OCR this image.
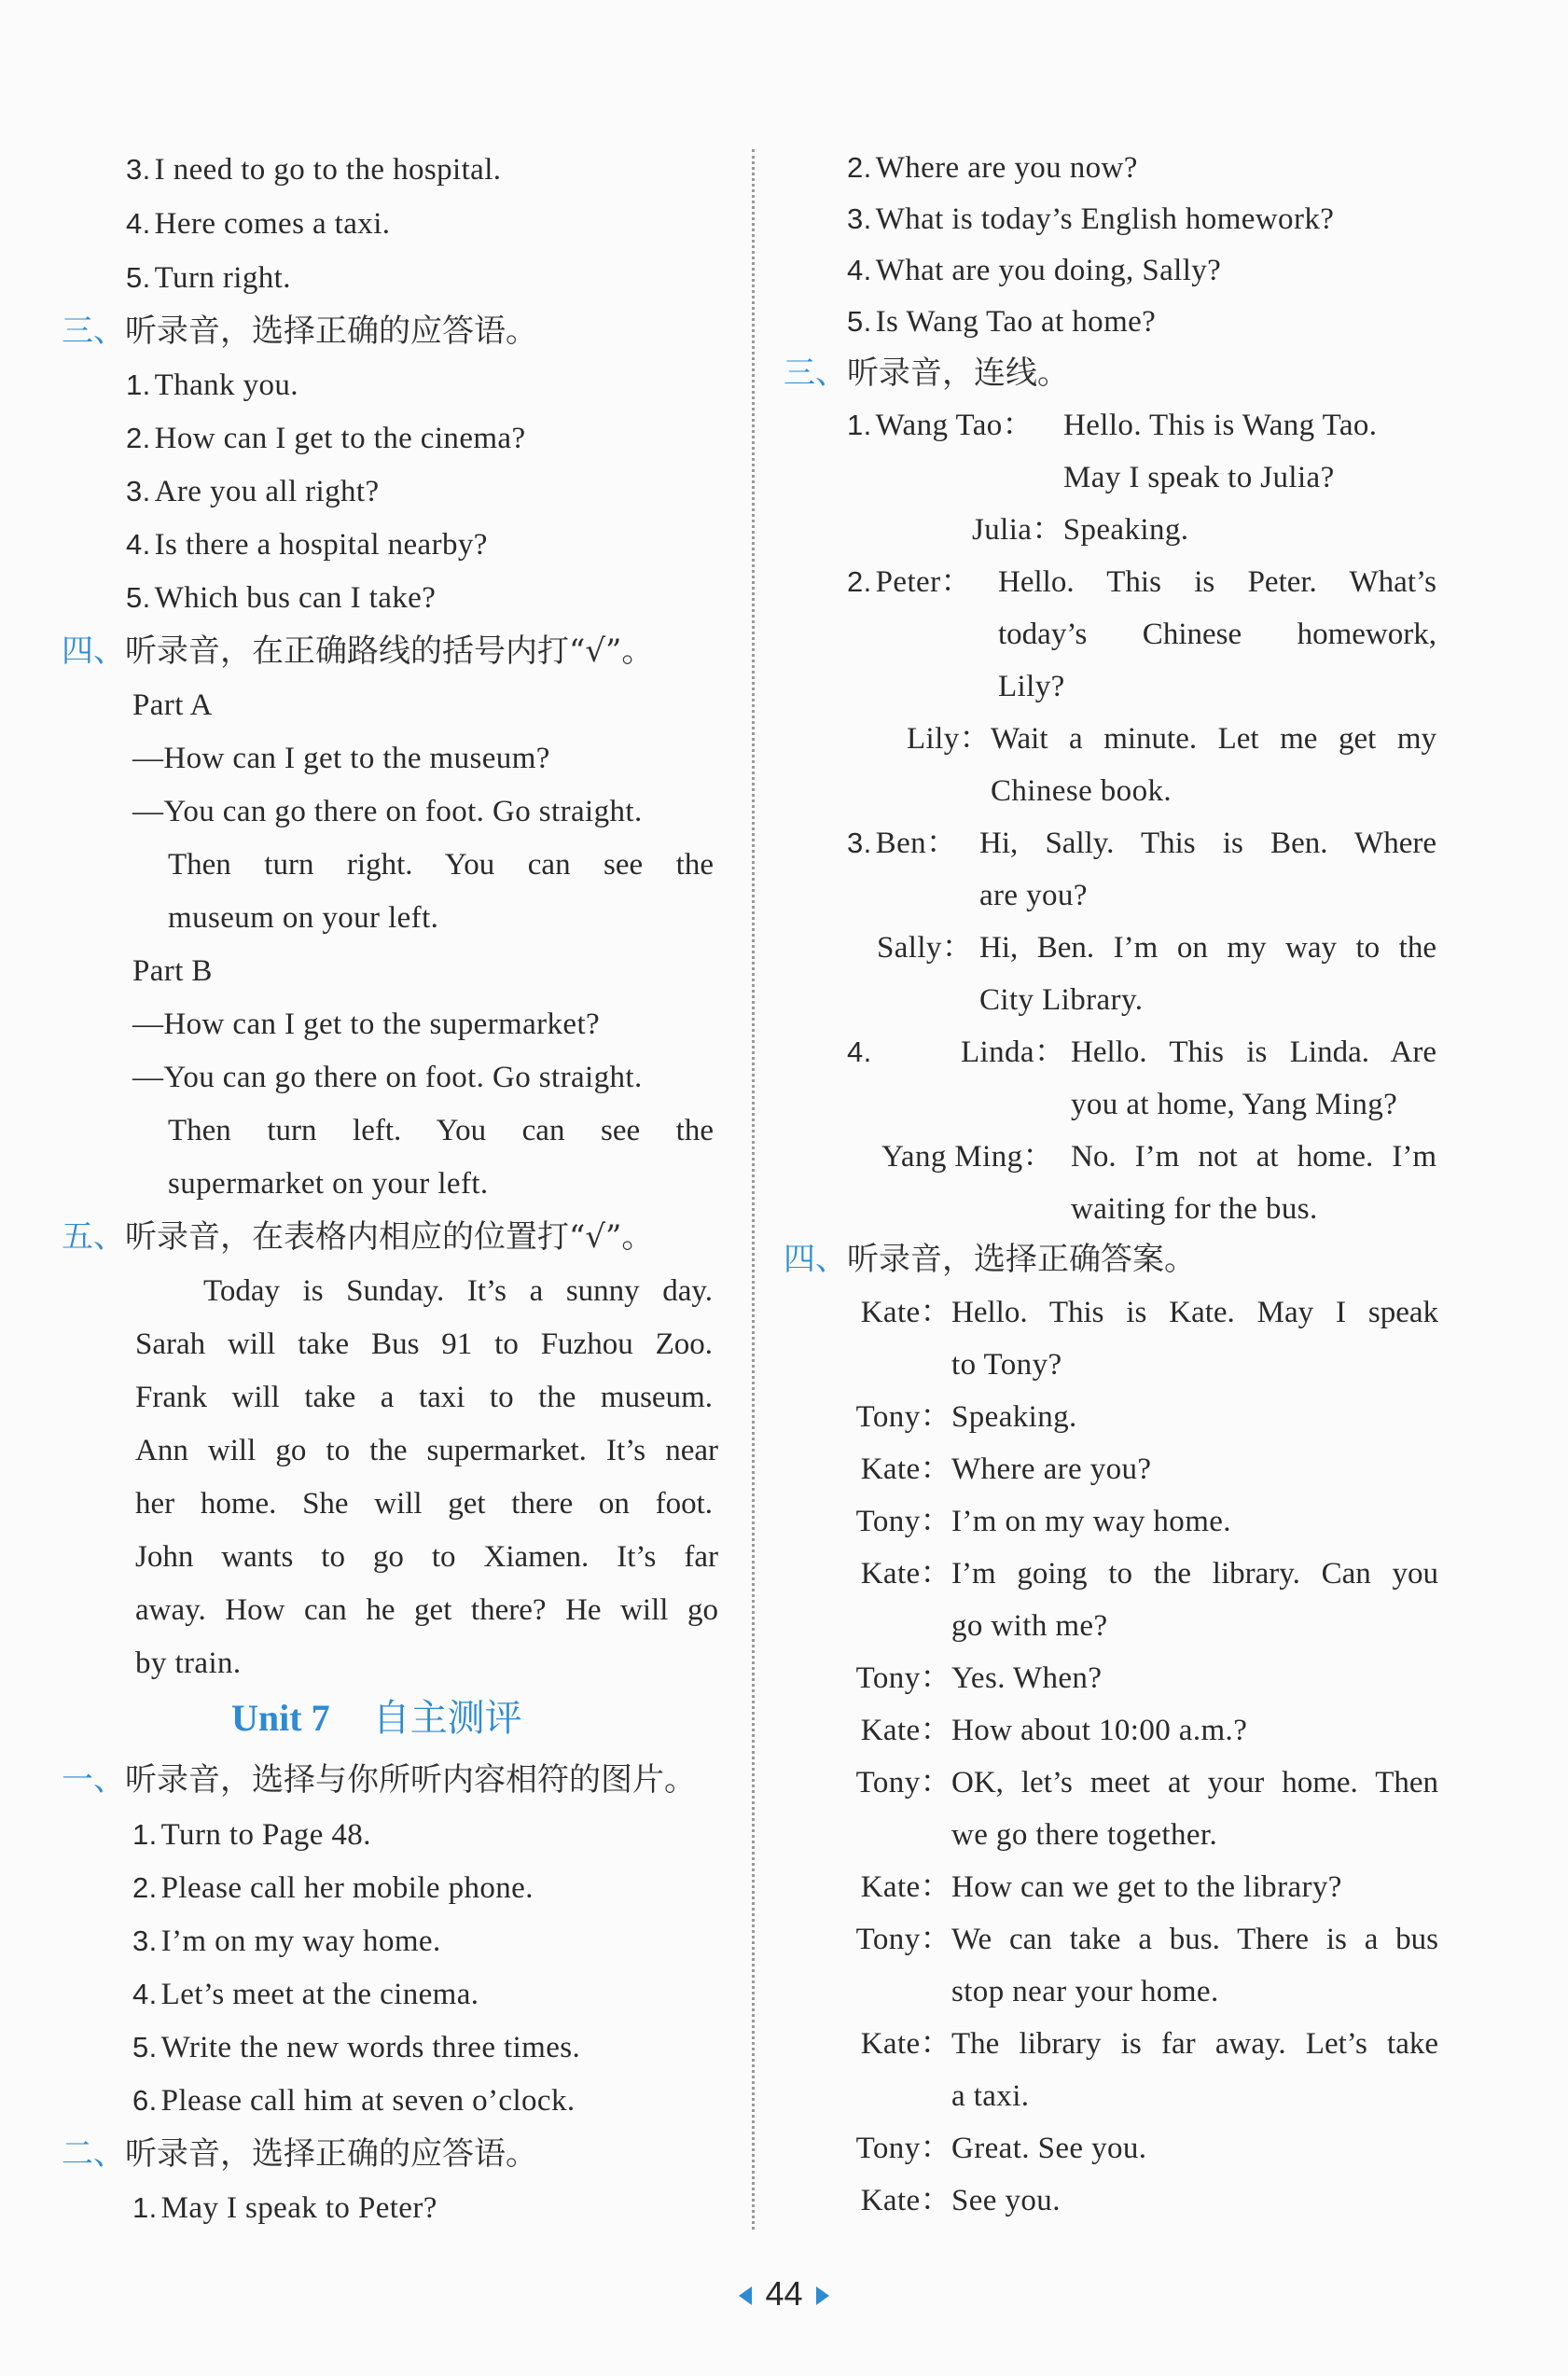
3. I need to go to the hospital.
4. Here comes a taxi.
5. Turn right.
三、听录音，选择正确的应答语。
1. Thank you.
2. How can I get to the cinema?
3. Are you all right?
4. Is there a hospital nearby?
5. Which bus can I take?
四、听录音，在正确路线的括号内打“√”。
Part A
—How can I get to the museum?
—You can go there on foot. Go straight.
Then turn right. You can see the
museum on your left.
Part B
—How can I get to the supermarket?
—You can go there on foot. Go straight.
Then turn left. You can see the
supermarket on your left.
五、听录音，在表格内相应的位置打“√”。
Today is Sunday. It’s a sunny day.
Sarah will take Bus 91 to Fuzhou Zoo.
Frank will take a taxi to the museum.
Ann will go to the supermarket. It’s near
her home. She will get there on foot.
John wants to go to Xiamen. It’s far
away. How can he get there? He will go
by train.
Unit 7 自主测评
一、听录音，选择与你所听内容相符的图片。
1. Turn to Page 48.
2. Please call her mobile phone.
3. I’m on my way home.
4. Let’s meet at the cinema.
5. Write the new words three times.
6. Please call him at seven o’clock.
二、听录音，选择正确的应答语。
1. May I speak to Peter?
2. Where are you now?
3. What is today’s English homework?
4. What are you doing, Sally?
5. Is Wang Tao at home?
三、听录音，连线。
1. Wang Tao： Hello. This is Wang Tao.
May I speak to Julia?
Julia：Speaking.
2. Peter： Hello. This is Peter. What’s
today’s Chinese homework,
Lily?
Lily： Wait a minute. Let me get my
Chinese book.
3. Ben： Hi, Sally. This is Ben. Where
are you?
Sally： Hi, Ben. I’m on my way to the
City Library.
4.	Linda： Hello. This is Linda. Are
you at home, Yang Ming?
Yang Ming： No. I’m not at home. I’m
waiting for the bus.
四、听录音，选择正确答案。
Kate： Hello. This is Kate. May I speak
to Tony?
Tony：Speaking.
Kate：Where are you?
Tony：I’m on my way home.
Kate： I’m going to the library. Can you
go with me?
Tony：Yes. When?
Kate：How about 10:00 a.m.?
Tony： OK, let’s meet at your home. Then
we go there together.
Kate：How can we get to the library?
Tony： We can take a bus. There is a bus
stop near your home.
Kate： The library is far away. Let’s take
a taxi.
Tony：Great. See you.
Kate：See you.
44
